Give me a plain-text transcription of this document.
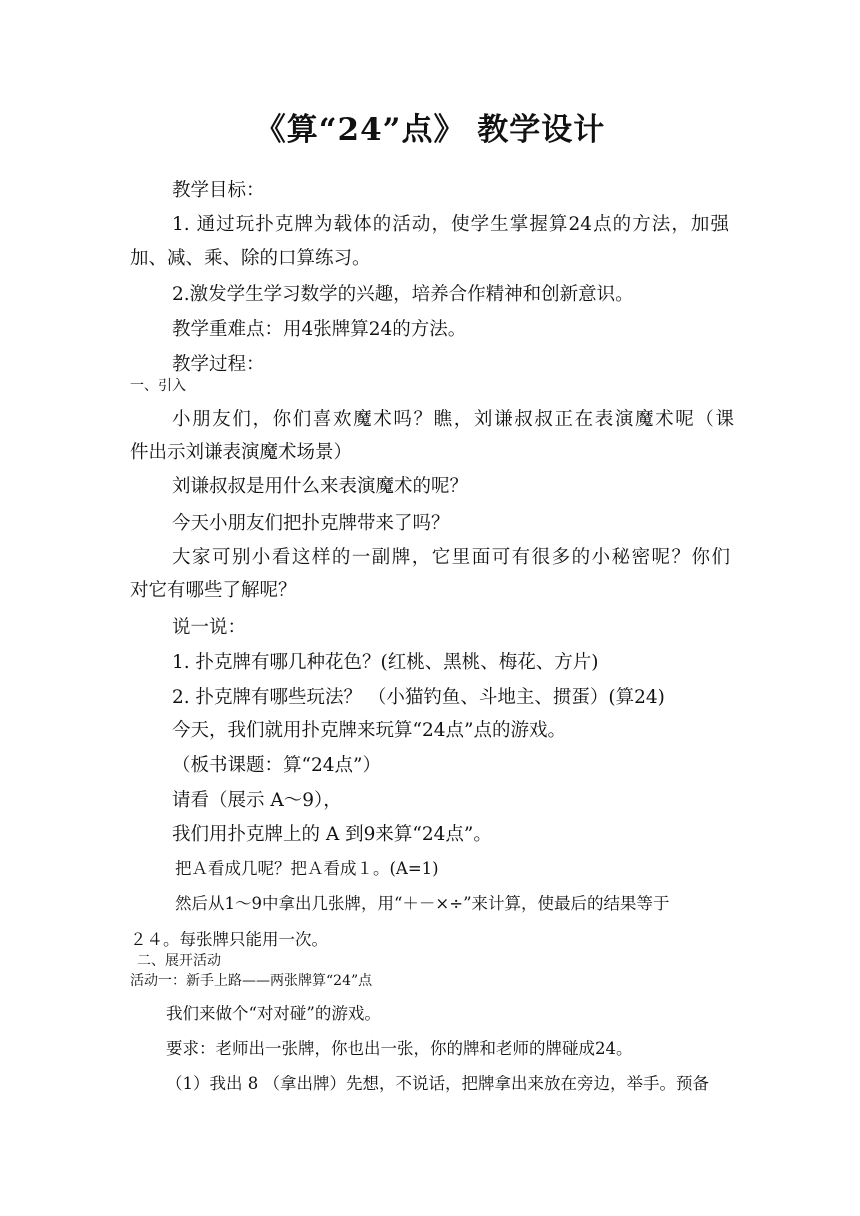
《算“24”点》 教学设计
教学目标：
1. 通过玩扑克牌为载体的活动，使学生掌握算24点的方法，加强
加、减、乘、除的口算练习。
2.激发学生学习数学的兴趣，培养合作精神和创新意识。
教学重难点：用4张牌算24的方法。
教学过程：
一、引入
小朋友们，你们喜欢魔术吗？瞧，刘谦叔叔正在表演魔术呢（课
件出示刘谦表演魔术场景）
刘谦叔叔是用什么来表演魔术的呢？
今天小朋友们把扑克牌带来了吗？
大家可别小看这样的一副牌，它里面可有很多的小秘密呢？你们
对它有哪些了解呢？
说一说：
1. 扑克牌有哪几种花色？(红桃、黑桃、梅花、方片)
2. 扑克牌有哪些玩法？ （小猫钓鱼、斗地主、掼蛋）(算24)
今天，我们就用扑克牌来玩算“24点”点的游戏。
（板书课题：算“24点”）
请看（展示 A～9），
我们用扑克牌上的 A 到9来算“24点”。
把Ａ看成几呢？把Ａ看成１。(A=1)
然后从1～9中拿出几张牌，用“＋－×÷”来计算，使最后的结果等于
２４。每张牌只能用一次。
二、展开活动
活动一：新手上路——两张牌算“24”点
我们来做个“对对碰”的游戏。
要求：老师出一张牌，你也出一张，你的牌和老师的牌碰成24。
（1）我出 8 （拿出牌）先想，不说话，把牌拿出来放在旁边，举手。预备
